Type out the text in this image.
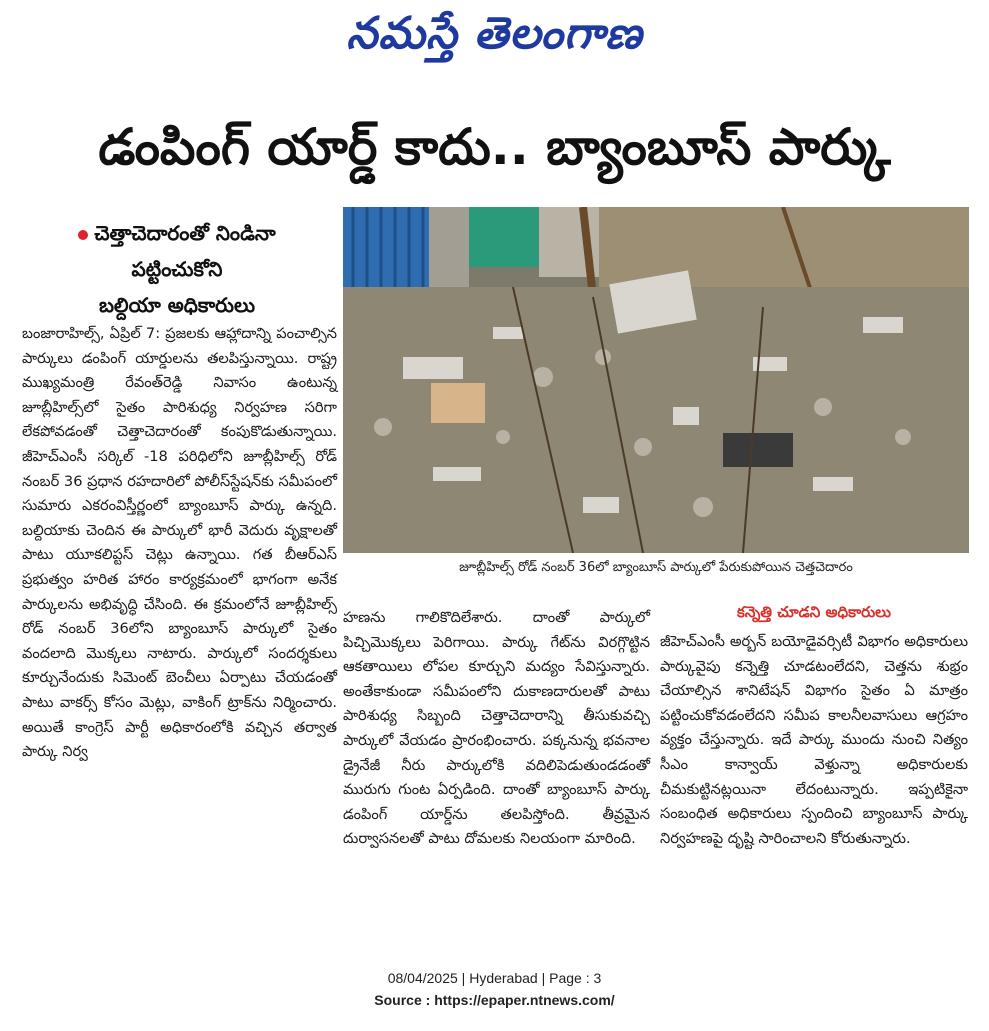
నమస్తే తెలంగాణ
డంపింగ్ యార్డ్ కాదు.. బ్యాంబూస్ పార్కు
చెత్తాచెదారంతో నిండినా
పట్టించుకోని
బల్దియా అధికారులు
జూబ్లీహిల్స్ రోడ్ నంబర్ 36లో బ్యాంబూస్ పార్కులో పేరుకుపోయిన చెత్తచెదారం

బంజారాహిల్స్, ఏప్రిల్ 7: ప్రజలకు ఆహ్లాదాన్ని పంచాల్సిన పార్కులు డంపింగ్ యార్డులను తలపిస్తున్నాయి. రాష్ట్ర ముఖ్యమంత్రి రేవంత్‌రెడ్డి నివాసం ఉంటున్న జూబ్లీహిల్స్‌లో సైతం పారిశుధ్య నిర్వహణ సరిగా లేకపోవడంతో చెత్తాచెదారంతో కంపుకొడుతున్నాయి. జీహెచ్‌ఎంసీ సర్కిల్ -18 పరిధిలోని జూబ్లీహిల్స్ రోడ్ నంబర్ 36 ప్రధాన రహదారిలో పోలీస్‌స్టేషన్‌కు సమీపంలో సుమారు ఎకరంవిస్తీర్ణంలో బ్యాంబూస్ పార్కు ఉన్నది. బల్దియాకు చెందిన ఈ పార్కులో భారీ వెదురు వృక్షాలతో పాటు యూకలిప్టస్ చెట్లు ఉన్నాయి. గత బీఆర్‌ఎస్ ప్రభుత్వం హరిత హారం కార్యక్రమంలో భాగంగా అనేక పార్కులను అభివృద్ధి చేసింది. ఈ క్రమంలోనే జూబ్లీహిల్స్ రోడ్ నంబర్ 36లోని బ్యాంబూస్ పార్కులో సైతం వందలాది మొక్కలు నాటారు. పార్కులో సందర్శకులు కూర్చునేందుకు సిమెంట్ బెంచీలు ఏర్పాటు చేయడంతో పాటు వాకర్స్ కోసం మెట్లు, వాకింగ్ ట్రాక్‌ను నిర్మించారు. అయితే కాంగ్రెస్ పార్టీ అధికారంలోకి వచ్చిన తర్వాత పార్కు నిర్వ

హణను గాలికొదిలేశారు. దాంతో పార్కులో పిచ్చిమొక్కలు పెరిగాయి. పార్కు గేట్‌ను విరగ్గొట్టిన ఆకతాయిలు లోపల కూర్చుని మద్యం సేవిస్తున్నారు. అంతేకాకుండా సమీపంలోని దుకాణదారులతో పాటు పారిశుధ్య సిబ్బంది చెత్తాచెదారాన్ని తీసుకువచ్చి పార్కులో వేయడం ప్రారంభించారు. పక్కనున్న భవనాల డ్రైనేజీ నీరు పార్కులోకి వదిలిపెడుతుండడంతో మురుగు గుంట ఏర్పడింది. దాంతో బ్యాంబూస్ పార్కు డంపింగ్ యార్డ్‌ను తలపిస్తోంది. తీవ్రమైన దుర్వాసనలతో పాటు దోమలకు నిలయంగా మారింది.

కన్నెత్తి చూడని అధికారులు

జీహెచ్‌ఎంసీ అర్బన్ బయోడైవర్సిటీ విభాగం అధికారులు పార్కువైపు కన్నెత్తి చూడటంలేదని, చెత్తను శుభ్రం చేయాల్సిన శానిటేషన్ విభాగం సైతం ఏ మాత్రం పట్టించుకోవడంలేదని సమీప కాలనీలవాసులు ఆగ్రహం వ్యక్తం చేస్తున్నారు. ఇదే పార్కు ముందు నుంచి నిత్యం సీఎం కాన్వాయ్ వెళ్తున్నా అధికారులకు చీమకుట్టినట్లయినా లేదంటున్నారు. ఇప్పటికైనా సంబంధిత అధికారులు స్పందించి బ్యాంబూస్ పార్కు నిర్వహణపై దృష్టి సారించాలని కోరుతున్నారు.

08/04/2025 | Hyderabad | Page : 3
Source : https://epaper.ntnews.com/
